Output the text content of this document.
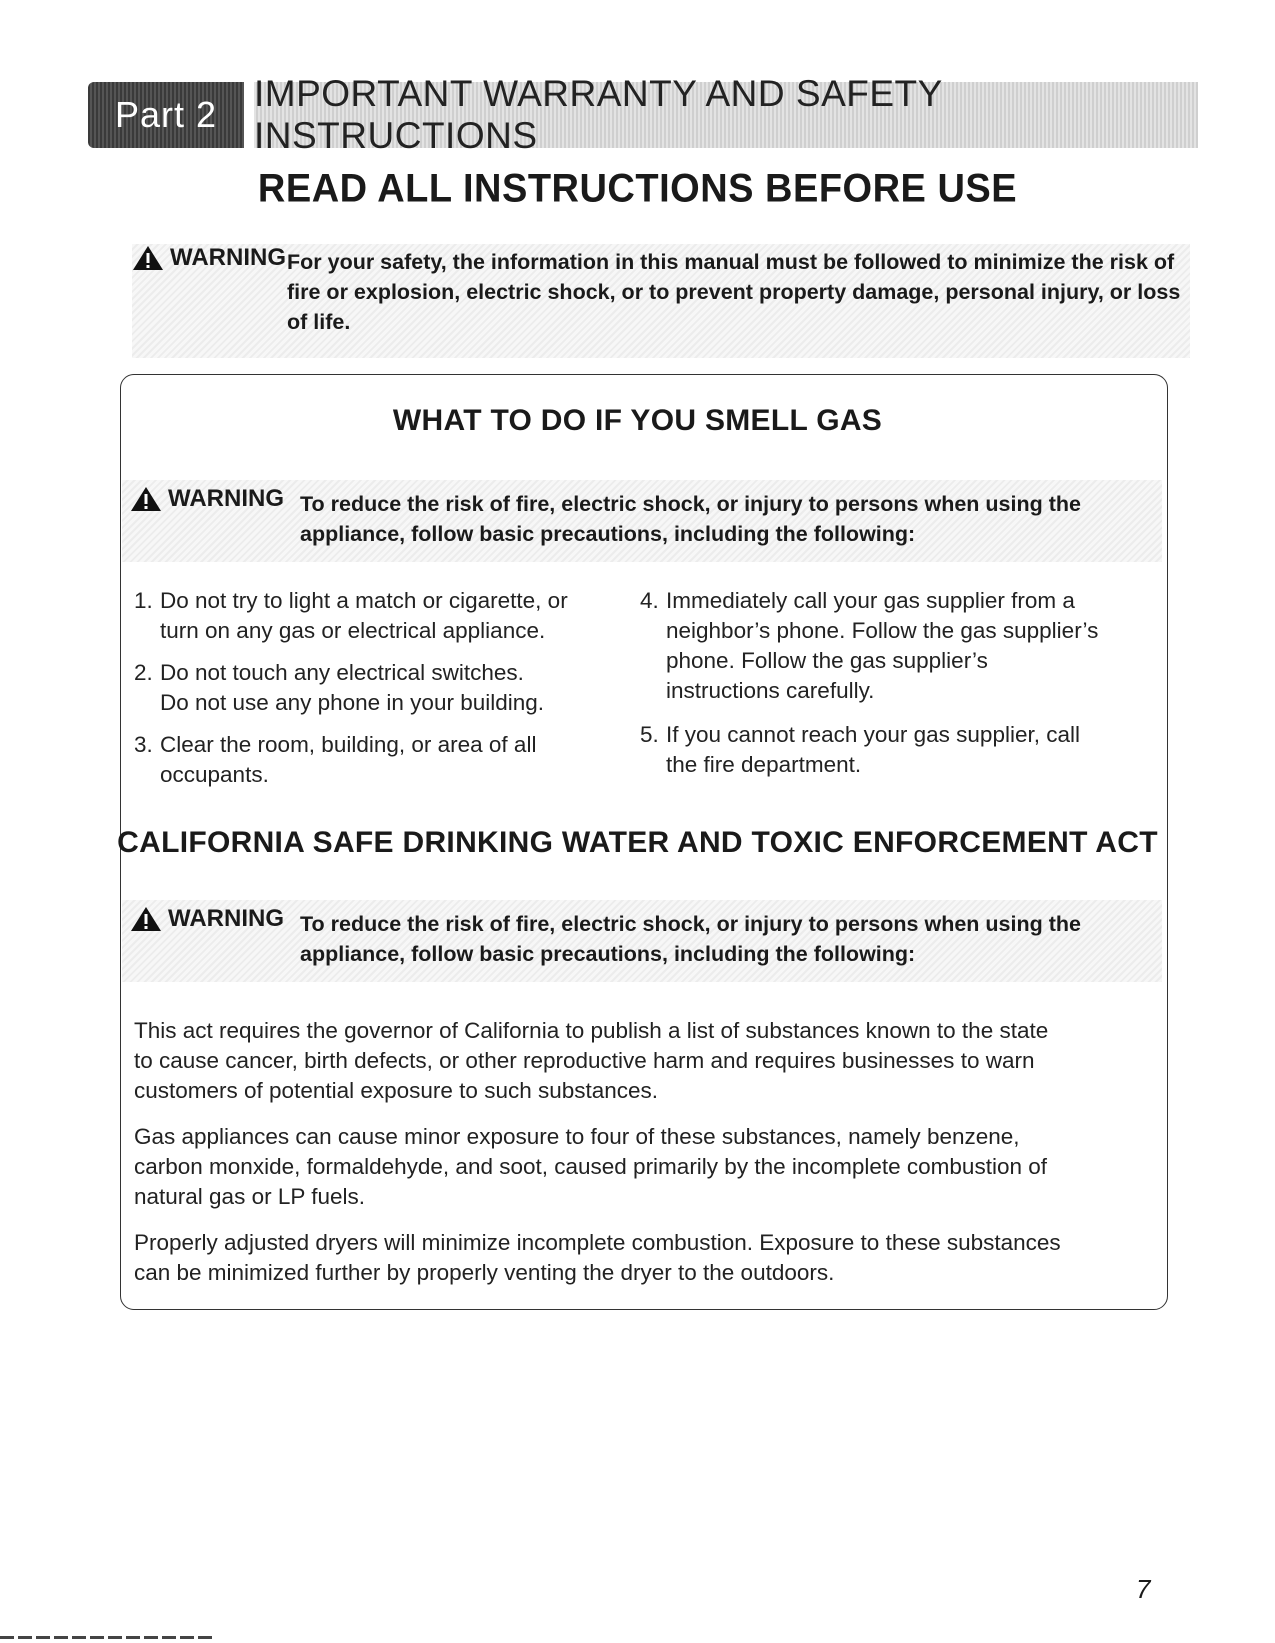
Part 2
IMPORTANT WARRANTY AND SAFETY INSTRUCTIONS
READ ALL INSTRUCTIONS BEFORE USE
WARNING For your safety, the information in this manual must be followed to minimize the risk of
fire or explosion, electric shock, or to prevent property damage, personal injury, or loss
of life.
WHAT TO DO IF YOU SMELL GAS
WARNING To reduce the risk of fire, electric shock, or injury to persons when using the
appliance, follow basic precautions, including the following:
1. Do not try to light a match or cigarette, or
turn on any gas or electrical appliance.
2. Do not touch any electrical switches.
Do not use any phone in your building.
3. Clear the room, building, or area of all
occupants.
4. Immediately call your gas supplier from a
neighbor’s phone. Follow the gas supplier’s
phone. Follow the gas supplier’s
instructions carefully.
5. If you cannot reach your gas supplier, call
the fire department.
CALIFORNIA SAFE DRINKING WATER AND TOXIC ENFORCEMENT ACT
WARNING To reduce the risk of fire, electric shock, or injury to persons when using the
appliance, follow basic precautions, including the following:
This act requires the governor of California to publish a list of substances known to the state
to cause cancer, birth defects, or other reproductive harm and requires businesses to warn
customers of potential exposure to such substances.
Gas appliances can cause minor exposure to four of these substances, namely benzene,
carbon monxide, formaldehyde, and soot, caused primarily by the incomplete combustion of
natural gas or LP fuels.
Properly adjusted dryers will minimize incomplete combustion. Exposure to these substances
can be minimized further by properly venting the dryer to the outdoors.
7
